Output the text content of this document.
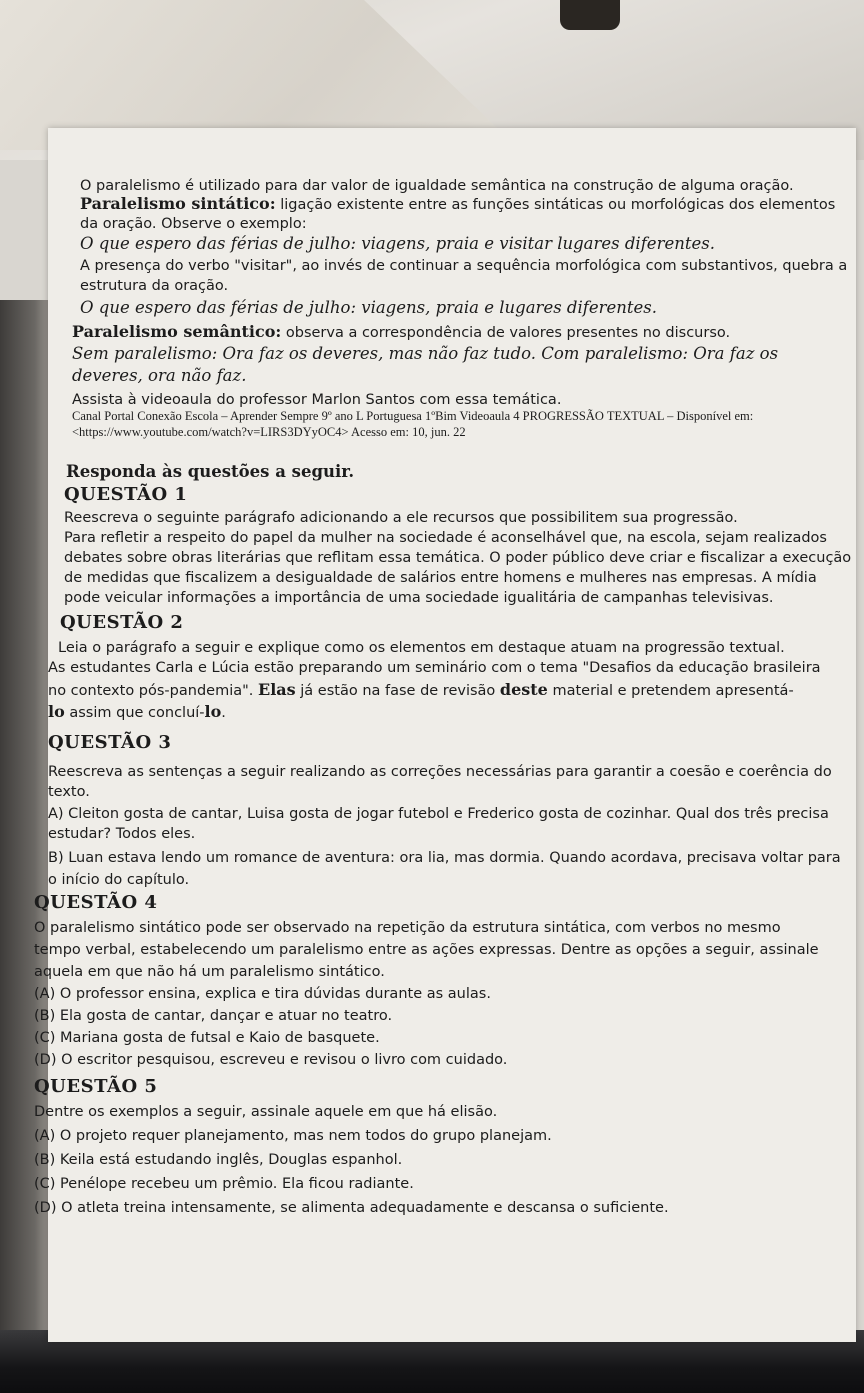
O paralelismo é utilizado para dar valor de igualdade semântica na construção de alguma oração.
Paralelismo sintático: ligação existente entre as funções sintáticas ou morfológicas dos elementos
da oração. Observe o exemplo:
O que espero das férias de julho: viagens, praia e visitar lugares diferentes.
A presença do verbo "visitar", ao invés de continuar a sequência morfológica com substantivos, quebra a
estrutura da oração.
O que espero das férias de julho: viagens, praia e lugares diferentes.
Paralelismo semântico: observa a correspondência de valores presentes no discurso.
Sem paralelismo: Ora faz os deveres, mas não faz tudo. Com paralelismo: Ora faz os
deveres, ora não faz.
Assista à videoaula do professor Marlon Santos com essa temática.
Canal Portal Conexão Escola – Aprender Sempre 9º ano L Portuguesa 1ºBim Videoaula 4 PROGRESSÃO TEXTUAL – Disponível em:
<https://www.youtube.com/watch?v=LIRS3DYyOC4> Acesso em: 10, jun. 22
Responda às questões a seguir.
QUESTÃO 1
Reescreva o seguinte parágrafo adicionando a ele recursos que possibilitem sua progressão.
Para refletir a respeito do papel da mulher na sociedade é aconselhável que, na escola, sejam realizados
debates sobre obras literárias que reflitam essa temática. O poder público deve criar e fiscalizar a execução
de medidas que fiscalizem a desigualdade de salários entre homens e mulheres nas empresas. A mídia
pode veicular informações a importância de uma sociedade igualitária de campanhas televisivas.
QUESTÃO 2
Leia o parágrafo a seguir e explique como os elementos em destaque atuam na progressão textual.
As estudantes Carla e Lúcia estão preparando um seminário com o tema "Desafios da educação brasileira
no contexto pós-pandemia". Elas já estão na fase de revisão deste material e pretendem apresentá-
lo assim que concluí-lo.
QUESTÃO 3
Reescreva as sentenças a seguir realizando as correções necessárias para garantir a coesão e coerência do
texto.
A) Cleiton gosta de cantar, Luisa gosta de jogar futebol e Frederico gosta de cozinhar. Qual dos três precisa
estudar? Todos eles.
B) Luan estava lendo um romance de aventura: ora lia, mas dormia. Quando acordava, precisava voltar para
o início do capítulo.
QUESTÃO 4
O paralelismo sintático pode ser observado na repetição da estrutura sintática, com verbos no mesmo
tempo verbal, estabelecendo um paralelismo entre as ações expressas. Dentre as opções a seguir, assinale
aquela em que não há um paralelismo sintático.
(A) O professor ensina, explica e tira dúvidas durante as aulas.
(B) Ela gosta de cantar, dançar e atuar no teatro.
(C) Mariana gosta de futsal e Kaio de basquete.
(D) O escritor pesquisou, escreveu e revisou o livro com cuidado.
QUESTÃO 5
Dentre os exemplos a seguir, assinale aquele em que há elisão.
(A) O projeto requer planejamento, mas nem todos do grupo planejam.
(B) Keila está estudando inglês, Douglas espanhol.
(C) Penélope recebeu um prêmio. Ela ficou radiante.
(D) O atleta treina intensamente, se alimenta adequadamente e descansa o suficiente.
